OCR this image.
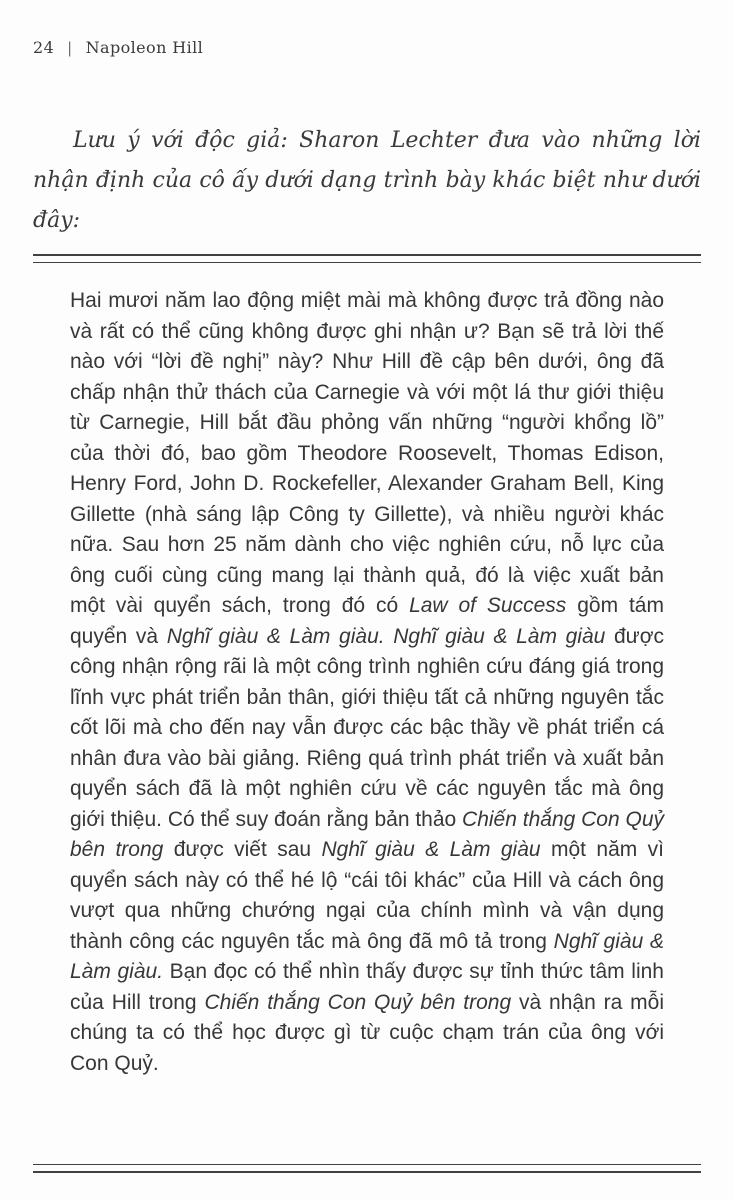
24 | Napoleon Hill

Lưu ý với độc giả: Sharon Lechter đưa vào những lời nhận định của cô ấy dưới dạng trình bày khác biệt như dưới đây:

Hai mươi năm lao động miệt mài mà không được trả đồng nào và rất có thể cũng không được ghi nhận ư? Bạn sẽ trả lời thế nào với “lời đề nghị” này? Như Hill đề cập bên dưới, ông đã chấp nhận thử thách của Carnegie và với một lá thư giới thiệu từ Carnegie, Hill bắt đầu phỏng vấn những “người khổng lồ” của thời đó, bao gồm Theodore Roosevelt, Thomas Edison, Henry Ford, John D. Rockefeller, Alexander Graham Bell, King Gillette (nhà sáng lập Công ty Gillette), và nhiều người khác nữa. Sau hơn 25 năm dành cho việc nghiên cứu, nỗ lực của ông cuối cùng cũng mang lại thành quả, đó là việc xuất bản một vài quyển sách, trong đó có Law of Success gồm tám quyển và Nghĩ giàu & Làm giàu. Nghĩ giàu & Làm giàu được công nhận rộng rãi là một công trình nghiên cứu đáng giá trong lĩnh vực phát triển bản thân, giới thiệu tất cả những nguyên tắc cốt lõi mà cho đến nay vẫn được các bậc thầy về phát triển cá nhân đưa vào bài giảng. Riêng quá trình phát triển và xuất bản quyển sách đã là một nghiên cứu về các nguyên tắc mà ông giới thiệu. Có thể suy đoán rằng bản thảo Chiến thắng Con Quỷ bên trong được viết sau Nghĩ giàu & Làm giàu một năm vì quyển sách này có thể hé lộ “cái tôi khác” của Hill và cách ông vượt qua những chướng ngại của chính mình và vận dụng thành công các nguyên tắc mà ông đã mô tả trong Nghĩ giàu & Làm giàu. Bạn đọc có thể nhìn thấy được sự tỉnh thức tâm linh của Hill trong Chiến thắng Con Quỷ bên trong và nhận ra mỗi chúng ta có thể học được gì từ cuộc chạm trán của ông với Con Quỷ.
